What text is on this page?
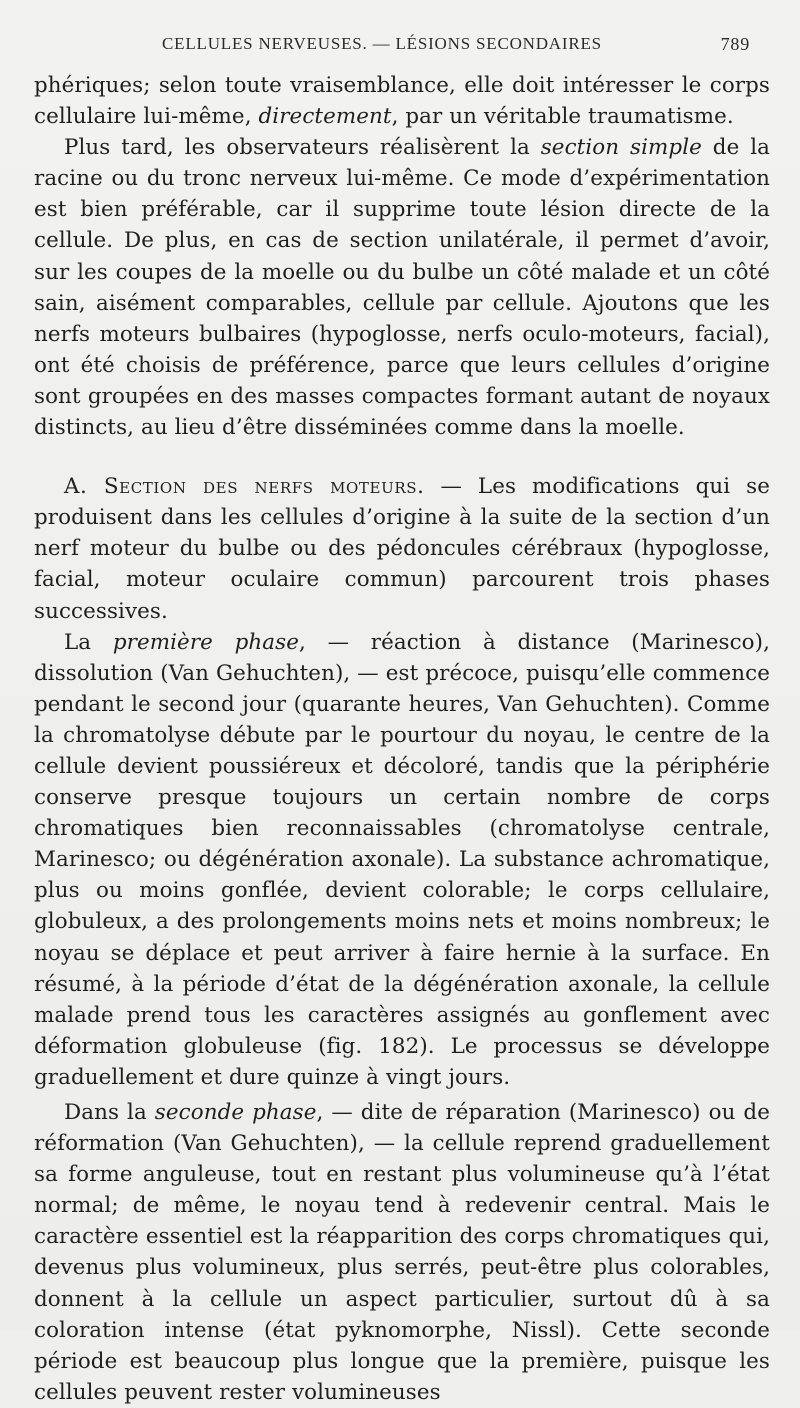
CELLULES NERVEUSES. — LÉSIONS SECONDAIRES	789

phériques; selon toute vraisemblance, elle doit intéresser le corps cellulaire lui-même, directement, par un véritable traumatisme.

Plus tard, les observateurs réalisèrent la section simple de la racine ou du tronc nerveux lui-même. Ce mode d’expérimentation est bien préférable, car il supprime toute lésion directe de la cellule. De plus, en cas de section unilatérale, il permet d’avoir, sur les coupes de la moelle ou du bulbe un côté malade et un côté sain, aisément comparables, cellule par cellule. Ajoutons que les nerfs moteurs bulbaires (hypoglosse, nerfs oculo-moteurs, facial), ont été choisis de préférence, parce que leurs cellules d’origine sont groupées en des masses compactes formant autant de noyaux distincts, au lieu d’être disséminées comme dans la moelle.

A. Section des nerfs moteurs. — Les modifications qui se produisent dans les cellules d’origine à la suite de la section d’un nerf moteur du bulbe ou des pédoncules cérébraux (hypoglosse, facial, moteur oculaire commun) parcourent trois phases successives.

La première phase, — réaction à distance (Marinesco), dissolution (Van Gehuchten), — est précoce, puisqu’elle commence pendant le second jour (quarante heures, Van Gehuchten). Comme la chromatolyse débute par le pourtour du noyau, le centre de la cellule devient poussiéreux et décoloré, tandis que la périphérie conserve presque toujours un certain nombre de corps chromatiques bien reconnaissables (chromatolyse centrale, Marinesco; ou dégénération axonale). La substance achromatique, plus ou moins gonflée, devient colorable; le corps cellulaire, globuleux, a des prolongements moins nets et moins nombreux; le noyau se déplace et peut arriver à faire hernie à la surface. En résumé, à la période d’état de la dégénération axonale, la cellule malade prend tous les caractères assignés au gonflement avec déformation globuleuse (fig. 182). Le processus se développe graduellement et dure quinze à vingt jours.

Dans la seconde phase, — dite de réparation (Marinesco) ou de réformation (Van Gehuchten), — la cellule reprend graduellement sa forme anguleuse, tout en restant plus volumineuse qu’à l’état normal; de même, le noyau tend à redevenir central. Mais le caractère essentiel est la réapparition des corps chromatiques qui, devenus plus volumineux, plus serrés, peut-être plus colorables, donnent à la cellule un aspect particulier, surtout dû à sa coloration intense (état pyknomorphe, Nissl). Cette seconde période est beaucoup plus longue que la première, puisque les cellules peuvent rester volumineuses
